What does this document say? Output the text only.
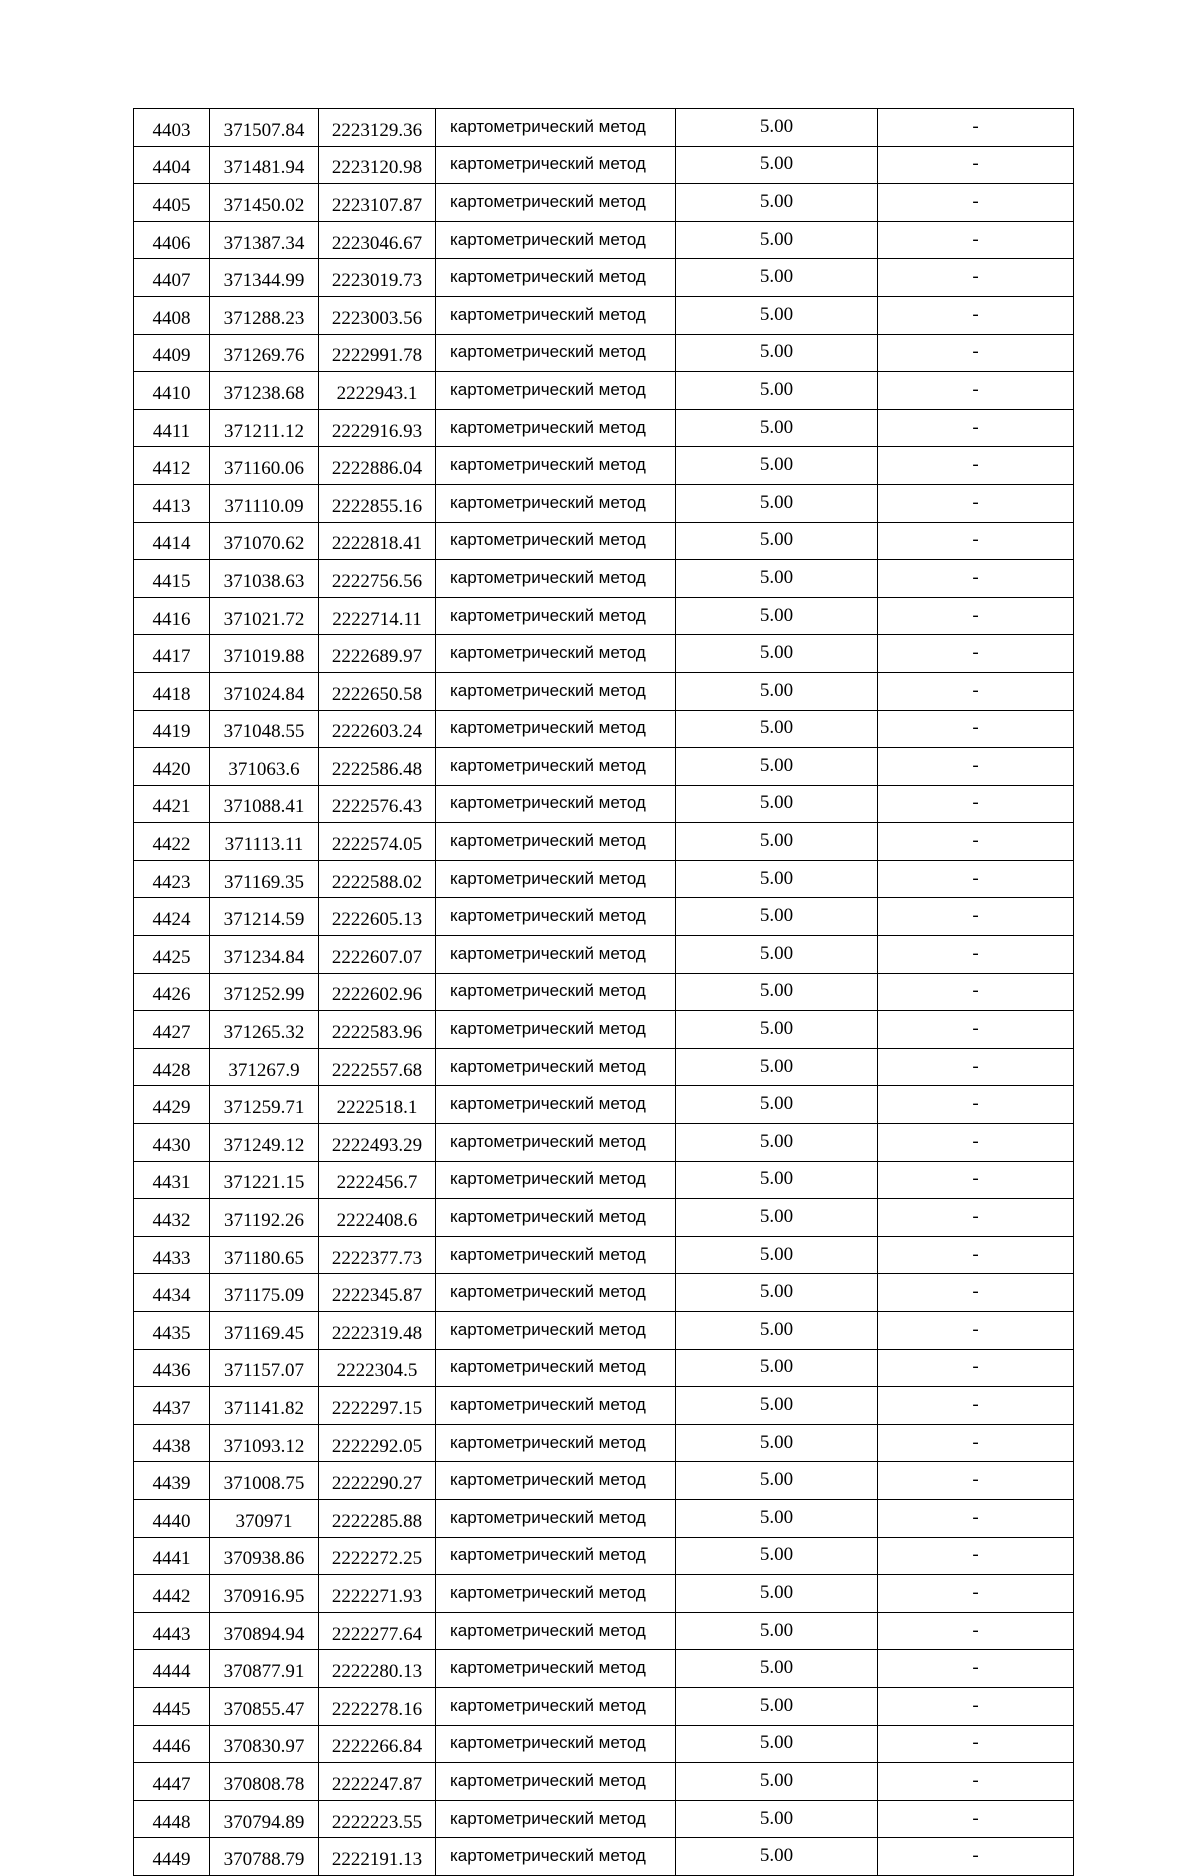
4403	371507.84	2223129.36	картометрический метод	5.00	-
4404	371481.94	2223120.98	картометрический метод	5.00	-
4405	371450.02	2223107.87	картометрический метод	5.00	-
4406	371387.34	2223046.67	картометрический метод	5.00	-
4407	371344.99	2223019.73	картометрический метод	5.00	-
4408	371288.23	2223003.56	картометрический метод	5.00	-
4409	371269.76	2222991.78	картометрический метод	5.00	-
4410	371238.68	2222943.1	картометрический метод	5.00	-
4411	371211.12	2222916.93	картометрический метод	5.00	-
4412	371160.06	2222886.04	картометрический метод	5.00	-
4413	371110.09	2222855.16	картометрический метод	5.00	-
4414	371070.62	2222818.41	картометрический метод	5.00	-
4415	371038.63	2222756.56	картометрический метод	5.00	-
4416	371021.72	2222714.11	картометрический метод	5.00	-
4417	371019.88	2222689.97	картометрический метод	5.00	-
4418	371024.84	2222650.58	картометрический метод	5.00	-
4419	371048.55	2222603.24	картометрический метод	5.00	-
4420	371063.6	2222586.48	картометрический метод	5.00	-
4421	371088.41	2222576.43	картометрический метод	5.00	-
4422	371113.11	2222574.05	картометрический метод	5.00	-
4423	371169.35	2222588.02	картометрический метод	5.00	-
4424	371214.59	2222605.13	картометрический метод	5.00	-
4425	371234.84	2222607.07	картометрический метод	5.00	-
4426	371252.99	2222602.96	картометрический метод	5.00	-
4427	371265.32	2222583.96	картометрический метод	5.00	-
4428	371267.9	2222557.68	картометрический метод	5.00	-
4429	371259.71	2222518.1	картометрический метод	5.00	-
4430	371249.12	2222493.29	картометрический метод	5.00	-
4431	371221.15	2222456.7	картометрический метод	5.00	-
4432	371192.26	2222408.6	картометрический метод	5.00	-
4433	371180.65	2222377.73	картометрический метод	5.00	-
4434	371175.09	2222345.87	картометрический метод	5.00	-
4435	371169.45	2222319.48	картометрический метод	5.00	-
4436	371157.07	2222304.5	картометрический метод	5.00	-
4437	371141.82	2222297.15	картометрический метод	5.00	-
4438	371093.12	2222292.05	картометрический метод	5.00	-
4439	371008.75	2222290.27	картометрический метод	5.00	-
4440	370971	2222285.88	картометрический метод	5.00	-
4441	370938.86	2222272.25	картометрический метод	5.00	-
4442	370916.95	2222271.93	картометрический метод	5.00	-
4443	370894.94	2222277.64	картометрический метод	5.00	-
4444	370877.91	2222280.13	картометрический метод	5.00	-
4445	370855.47	2222278.16	картометрический метод	5.00	-
4446	370830.97	2222266.84	картометрический метод	5.00	-
4447	370808.78	2222247.87	картометрический метод	5.00	-
4448	370794.89	2222223.55	картометрический метод	5.00	-
4449	370788.79	2222191.13	картометрический метод	5.00	-
